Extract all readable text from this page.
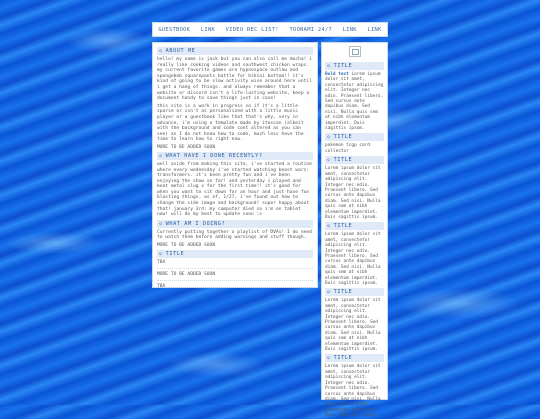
GUESTBOOK LINK VIDEO REC LIST! TOONAMI 24/7 LINK LINK
◇ ABOUT ME

hello! my name is jack but you can also call me mocha! i really like cooking videos and southwest chicken wraps. my current favorite games are hypnospace outlaw and spongebob squarepants battle for bikini bottom!! it's kind of going to be slow activity wise around here until i get a hang of things. and always remember that a website or discord isn't a life-lasting website, keep a document handy to save things just in case!

this site is a work in progress so if it's a little sparse or isn't as personalized with a little music player or a guestbook like that that's why, very in advance, i'm using a template made by itoscan (albeit with the background and code cont altered as you can see) as I do not know how to code, much less have the time to learn how to right now.

MORE TO BE ADDED SOON
◇ WHAT HAVE I DONE RECENTLY?

well aside from making this site, i've started a routine where every wednesday i've started watching beast wars: transformers. it's been pretty fun and i've been enjoying the show so far! and yesterday i played and beat metal slug x for the first time!! it's good for when you want to sit down for an hour and just have fun blasting things. as of, 1/27, i've found out how to change the side image and background! super happy about that! january 3rd: my computer died so i'm on tablet now! will do my best to update soon :>

◇ WHAT AM I DOING?

Currently putting together a playlist of DVAs! I do need to watch them before adding warnings and stuff though.

MORE TO BE ADDED SOON
◇ TITLE
TBA
MORE TO BE ADDED SOON
TBA
◇ TITLE

Bold text Lorem ipsum dolor sit amet, consectetur adipiscing elit. Integer nec odio. Praesent libero. Sed cursus ante dapibus diam. Sed nisi. Nulla quis sem at nibh elementum imperdiet. Duis sagittis ipsum.

◇ TITLE

pokemon tcgp card collector

◇ TITLE

Lorem ipsum dolor sit amet, consectetur adipiscing elit. Integer nec odio. Praesent libero. Sed cursus ante dapibus diam. Sed nisi. Nulla quis sem at nibh elementum imperdiet. Duis sagittis ipsum.

◇ TITLE

Lorem ipsum dolor sit amet, consectetur adipiscing elit. Integer nec odio. Praesent libero. Sed cursus ante dapibus diam. Sed nisi. Nulla quis sem at nibh elementum imperdiet. Duis sagittis ipsum.

◇ TITLE

Lorem ipsum dolor sit amet, consectetur adipiscing elit. Integer nec odio. Praesent libero. Sed cursus ante dapibus diam. Sed nisi. Nulla quis sem at nibh elementum imperdiet. Duis sagittis ipsum.

◇ TITLE

Lorem ipsum dolor sit amet, consectetur adipiscing elit. Integer nec odio. Praesent libero. Sed cursus ante dapibus diam. Sed nisi. Nulla quis sem at nibh elementum imperdiet. Duis sagittis ipsum.
